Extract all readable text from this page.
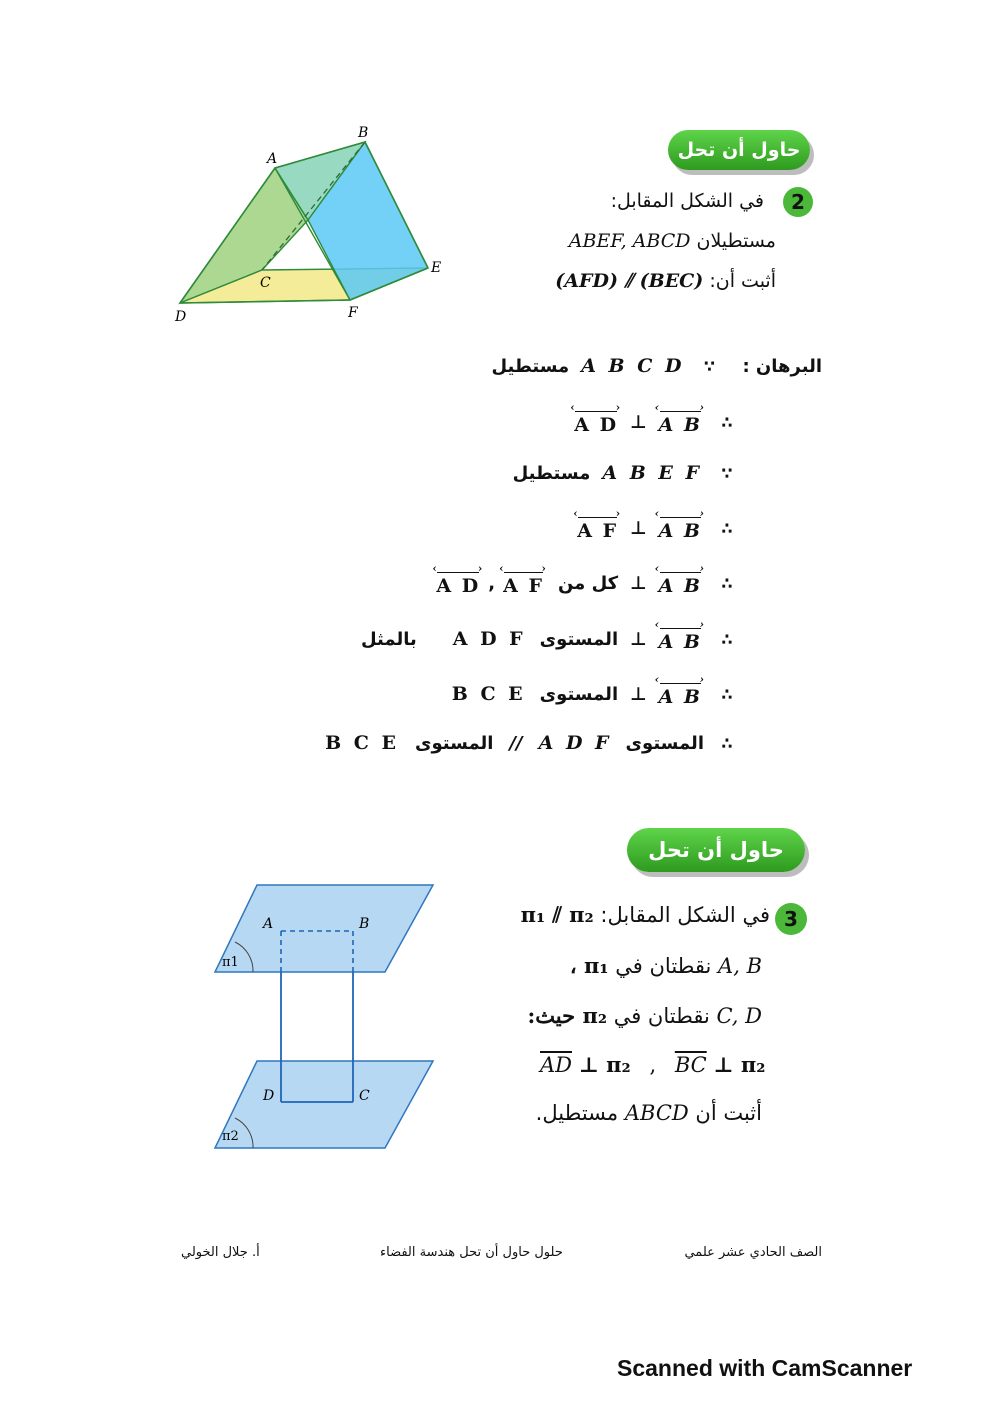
حاول أن تحل
2
في الشكل المقابل:
مستطيلان ABEF, ABCD
أثبت أن: (AFD) ⫽ (BEC)
A
B
C
D
E
F
البرهان :
∵
A B C D
مستطيل
∴
A B ‹ ›
⊥
A D ‹ ›
∵
A B E F
مستطيل
∴
A B ‹ ›
⊥
A F ‹ ›
∴
A B ‹ ›
⊥
كل من
A F ‹ ›
,
A D ‹ ›
∴
A B ‹ ›
⊥
المستوى
A D F
بالمثل
∴
A B ‹ ›
⊥
المستوى
B C E
∴
المستوى
A D F
//
المستوى
B C E
حاول أن تحل
3
في الشكل المقابل: π₁ ⫽ π₂
A, B نقطتان في π₁ ،
C, D نقطتان في π₂ حيث:
$\overline{AD}$ ⊥ π₂ , $\overline{BC}$ ⊥ π₂
أثبت أن ABCD مستطيل.
π1
π2
A	B
D	C
الصف الحادي عشر علمي
حلول حاول أن تحل هندسة الفضاء
أ. جلال الخولي
Scanned with CamScanner
